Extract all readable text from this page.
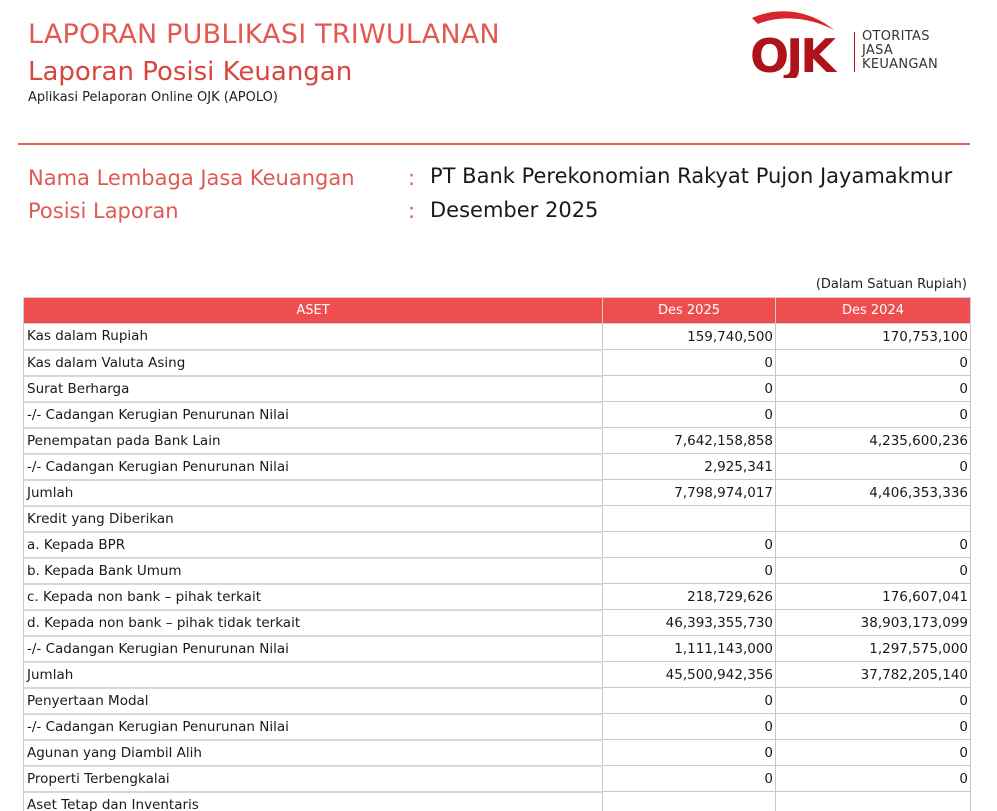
LAPORAN PUBLIKASI TRIWULANAN
Laporan Posisi Keuangan
Aplikasi Pelaporan Online OJK (APOLO)
OJK	OTORITAS
JASA
KEUANGAN
Nama Lembaga Jasa Keuangan	: PT Bank Perekonomian Rakyat Pujon Jayamakmur
Posisi Laporan	: Desember 2025
(Dalam Satuan Rupiah)
ASET	Des 2025	Des 2024
Kas dalam Rupiah	159,740,500	170,753,100
Kas dalam Valuta Asing	0	0
Surat Berharga	0	0
-/- Cadangan Kerugian Penurunan Nilai	0	0
Penempatan pada Bank Lain	7,642,158,858	4,235,600,236
-/- Cadangan Kerugian Penurunan Nilai	2,925,341	0
Jumlah	7,798,974,017	4,406,353,336
Kredit yang Diberikan		
a. Kepada BPR	0	0
b. Kepada Bank Umum	0	0
c. Kepada non bank – pihak terkait	218,729,626	176,607,041
d. Kepada non bank – pihak tidak terkait	46,393,355,730	38,903,173,099
-/- Cadangan Kerugian Penurunan Nilai	1,111,143,000	1,297,575,000
Jumlah	45,500,942,356	37,782,205,140
Penyertaan Modal	0	0
-/- Cadangan Kerugian Penurunan Nilai	0	0
Agunan yang Diambil Alih	0	0
Properti Terbengkalai	0	0
Aset Tetap dan Inventaris		
